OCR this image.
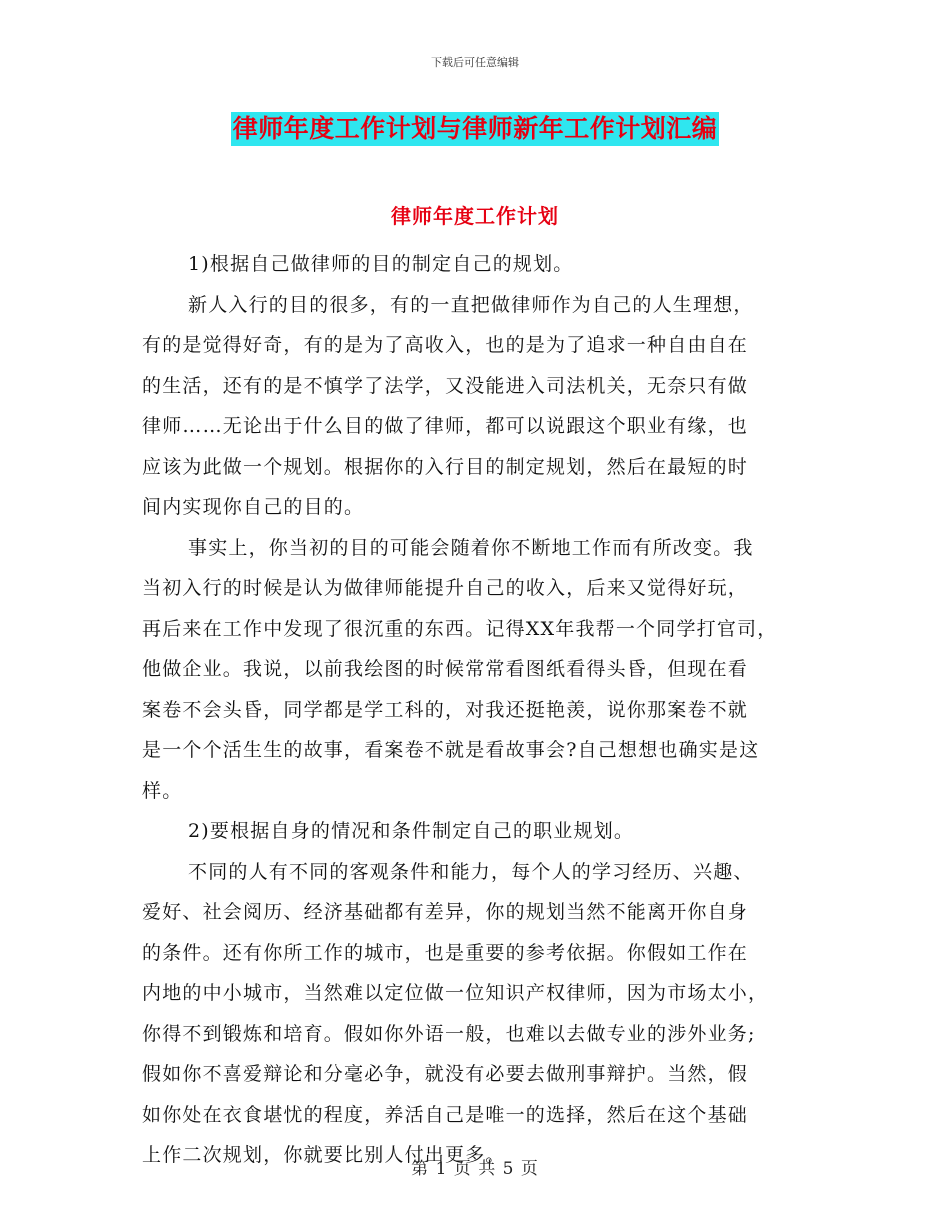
下载后可任意编辑
律师年度工作计划与律师新年工作计划汇编
律师年度工作计划
1)根据自己做律师的目的制定自己的规划。
新人入行的目的很多，有的一直把做律师作为自己的人生理想，
有的是觉得好奇，有的是为了高收入，也的是为了追求一种自由自在
的生活，还有的是不慎学了法学，又没能进入司法机关，无奈只有做
律师……无论出于什么目的做了律师，都可以说跟这个职业有缘，也
应该为此做一个规划。根据你的入行目的制定规划，然后在最短的时
间内实现你自己的目的。
事实上，你当初的目的可能会随着你不断地工作而有所改变。我
当初入行的时候是认为做律师能提升自己的收入，后来又觉得好玩，
再后来在工作中发现了很沉重的东西。记得XX年我帮一个同学打官司，
他做企业。我说，以前我绘图的时候常常看图纸看得头昏，但现在看
案卷不会头昏，同学都是学工科的，对我还挺艳羡，说你那案卷不就
是一个个活生生的故事，看案卷不就是看故事会?自己想想也确实是这
样。
2)要根据自身的情况和条件制定自己的职业规划。
不同的人有不同的客观条件和能力，每个人的学习经历、兴趣、
爱好、社会阅历、经济基础都有差异，你的规划当然不能离开你自身
的条件。还有你所工作的城市，也是重要的参考依据。你假如工作在
内地的中小城市，当然难以定位做一位知识产权律师，因为市场太小，
你得不到锻炼和培育。假如你外语一般，也难以去做专业的涉外业务;
假如你不喜爱辩论和分毫必争，就没有必要去做刑事辩护。当然，假
如你处在衣食堪忧的程度，养活自己是唯一的选择，然后在这个基础
上作二次规划，你就要比别人付出更多。
第 1 页 共 5 页
